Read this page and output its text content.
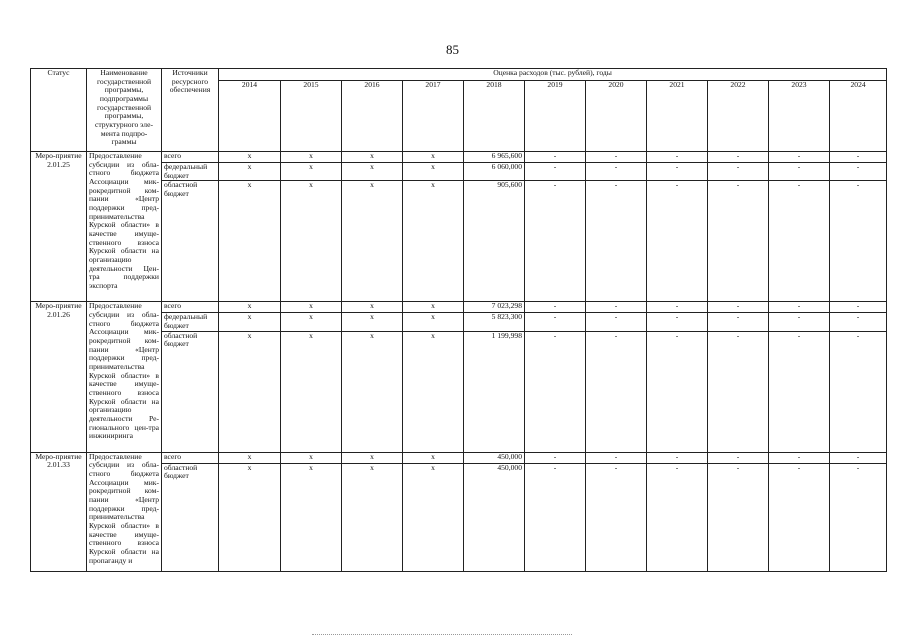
85
Статус	Наименование государственной программы, подпрограммы государственной программы, структурного эле-мента подпро-граммы	Источники ресурсного обеспечения	Оценка расходов (тыс. рублей), годы										
			2014	2015	2016	2017	2018	2019	2020	2021	2022	2023	2024
Меро-приятие 2.01.25	Предоставление субсидии из обла-стного бюджета Ассоциации мик-рокредитной ком-пании «Центр поддержки пред-принимательства Курской области» в качестве имуще-ственного взноса Курской области на организацию деятельности Цен-тра поддержки экспорта	всего	x	x	x	x	6 965,600	-	-	-	-	-	-
		федеральный бюджет	x	x	x	x	6 060,000	-	-	-	-	-	-
		областной бюджет	x	x	x	x	905,600	-	-	-	-	-	-
Меро-приятие 2.01.26	Предоставление субсидии из обла-стного бюджета Ассоциации мик-рокредитной ком-пании «Центр поддержки пред-принимательства Курской области» в качестве имуще-ственного взноса Курской области на организацию деятельности Ре-гионального цен-тра инжиниринга	всего	x	x	x	x	7 023,298	-	-	-	-	-	-
		федеральный бюджет	x	x	x	x	5 823,300	-	-	-	-	-	-
		областной бюджет	x	x	x	x	1 199,998	-	-	-	-	-	-
Меро-приятие 2.01.33	Предоставление субсидии из обла-стного бюджета Ассоциации мик-рокредитной ком-пании «Центр поддержки пред-принимательства Курской области» в качестве имуще-ственного взноса Курской области на пропаганду и	всего	x	x	x	x	450,000	-	-	-	-	-	-
		областной бюджет	x	x	x	x	450,000	-	-	-	-	-	-
